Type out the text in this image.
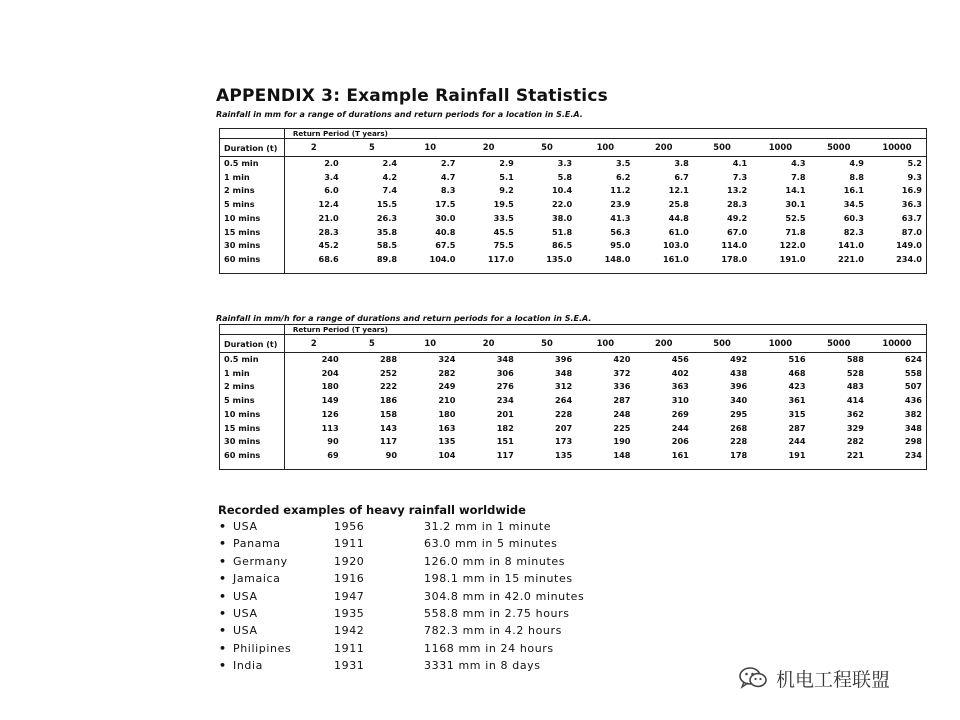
APPENDIX 3: Example Rainfall Statistics
Rainfall in mm for a range of durations and return periods for a location in S.E.A.
	Return Period (T years)										
Duration (t)	2	5	10	20	50	100	200	500	1000	5000	10000
0.5 min	2.0	2.4	2.7	2.9	3.3	3.5	3.8	4.1	4.3	4.9	5.2
1 min	3.4	4.2	4.7	5.1	5.8	6.2	6.7	7.3	7.8	8.8	9.3
2 mins	6.0	7.4	8.3	9.2	10.4	11.2	12.1	13.2	14.1	16.1	16.9
5 mins	12.4	15.5	17.5	19.5	22.0	23.9	25.8	28.3	30.1	34.5	36.3
10 mins	21.0	26.3	30.0	33.5	38.0	41.3	44.8	49.2	52.5	60.3	63.7
15 mins	28.3	35.8	40.8	45.5	51.8	56.3	61.0	67.0	71.8	82.3	87.0
30 mins	45.2	58.5	67.5	75.5	86.5	95.0	103.0	114.0	122.0	141.0	149.0
60 mins	68.6	89.8	104.0	117.0	135.0	148.0	161.0	178.0	191.0	221.0	234.0
Rainfall in mm/h for a range of durations and return periods for a location in S.E.A.
	Return Period (T years)										
Duration (t)	2	5	10	20	50	100	200	500	1000	5000	10000
0.5 min	240	288	324	348	396	420	456	492	516	588	624
1 min	204	252	282	306	348	372	402	438	468	528	558
2 mins	180	222	249	276	312	336	363	396	423	483	507
5 mins	149	186	210	234	264	287	310	340	361	414	436
10 mins	126	158	180	201	228	248	269	295	315	362	382
15 mins	113	143	163	182	207	225	244	268	287	329	348
30 mins	90	117	135	151	173	190	206	228	244	282	298
60 mins	69	90	104	117	135	148	161	178	191	221	234
Recorded examples of heavy rainfall worldwide
• USA	1956	31.2 mm in 1 minute
• Panama	1911	63.0 mm in 5 minutes
• Germany	1920	126.0 mm in 8 minutes
• Jamaica	1916	198.1 mm in 15 minutes
• USA	1947	304.8 mm in 42.0 minutes
• USA	1935	558.8 mm in 2.75 hours
• USA	1942	782.3 mm in 4.2 hours
• Philipines	1911	1168 mm in 24 hours
• India	1931	3331 mm in 8 days
机电工程联盟
